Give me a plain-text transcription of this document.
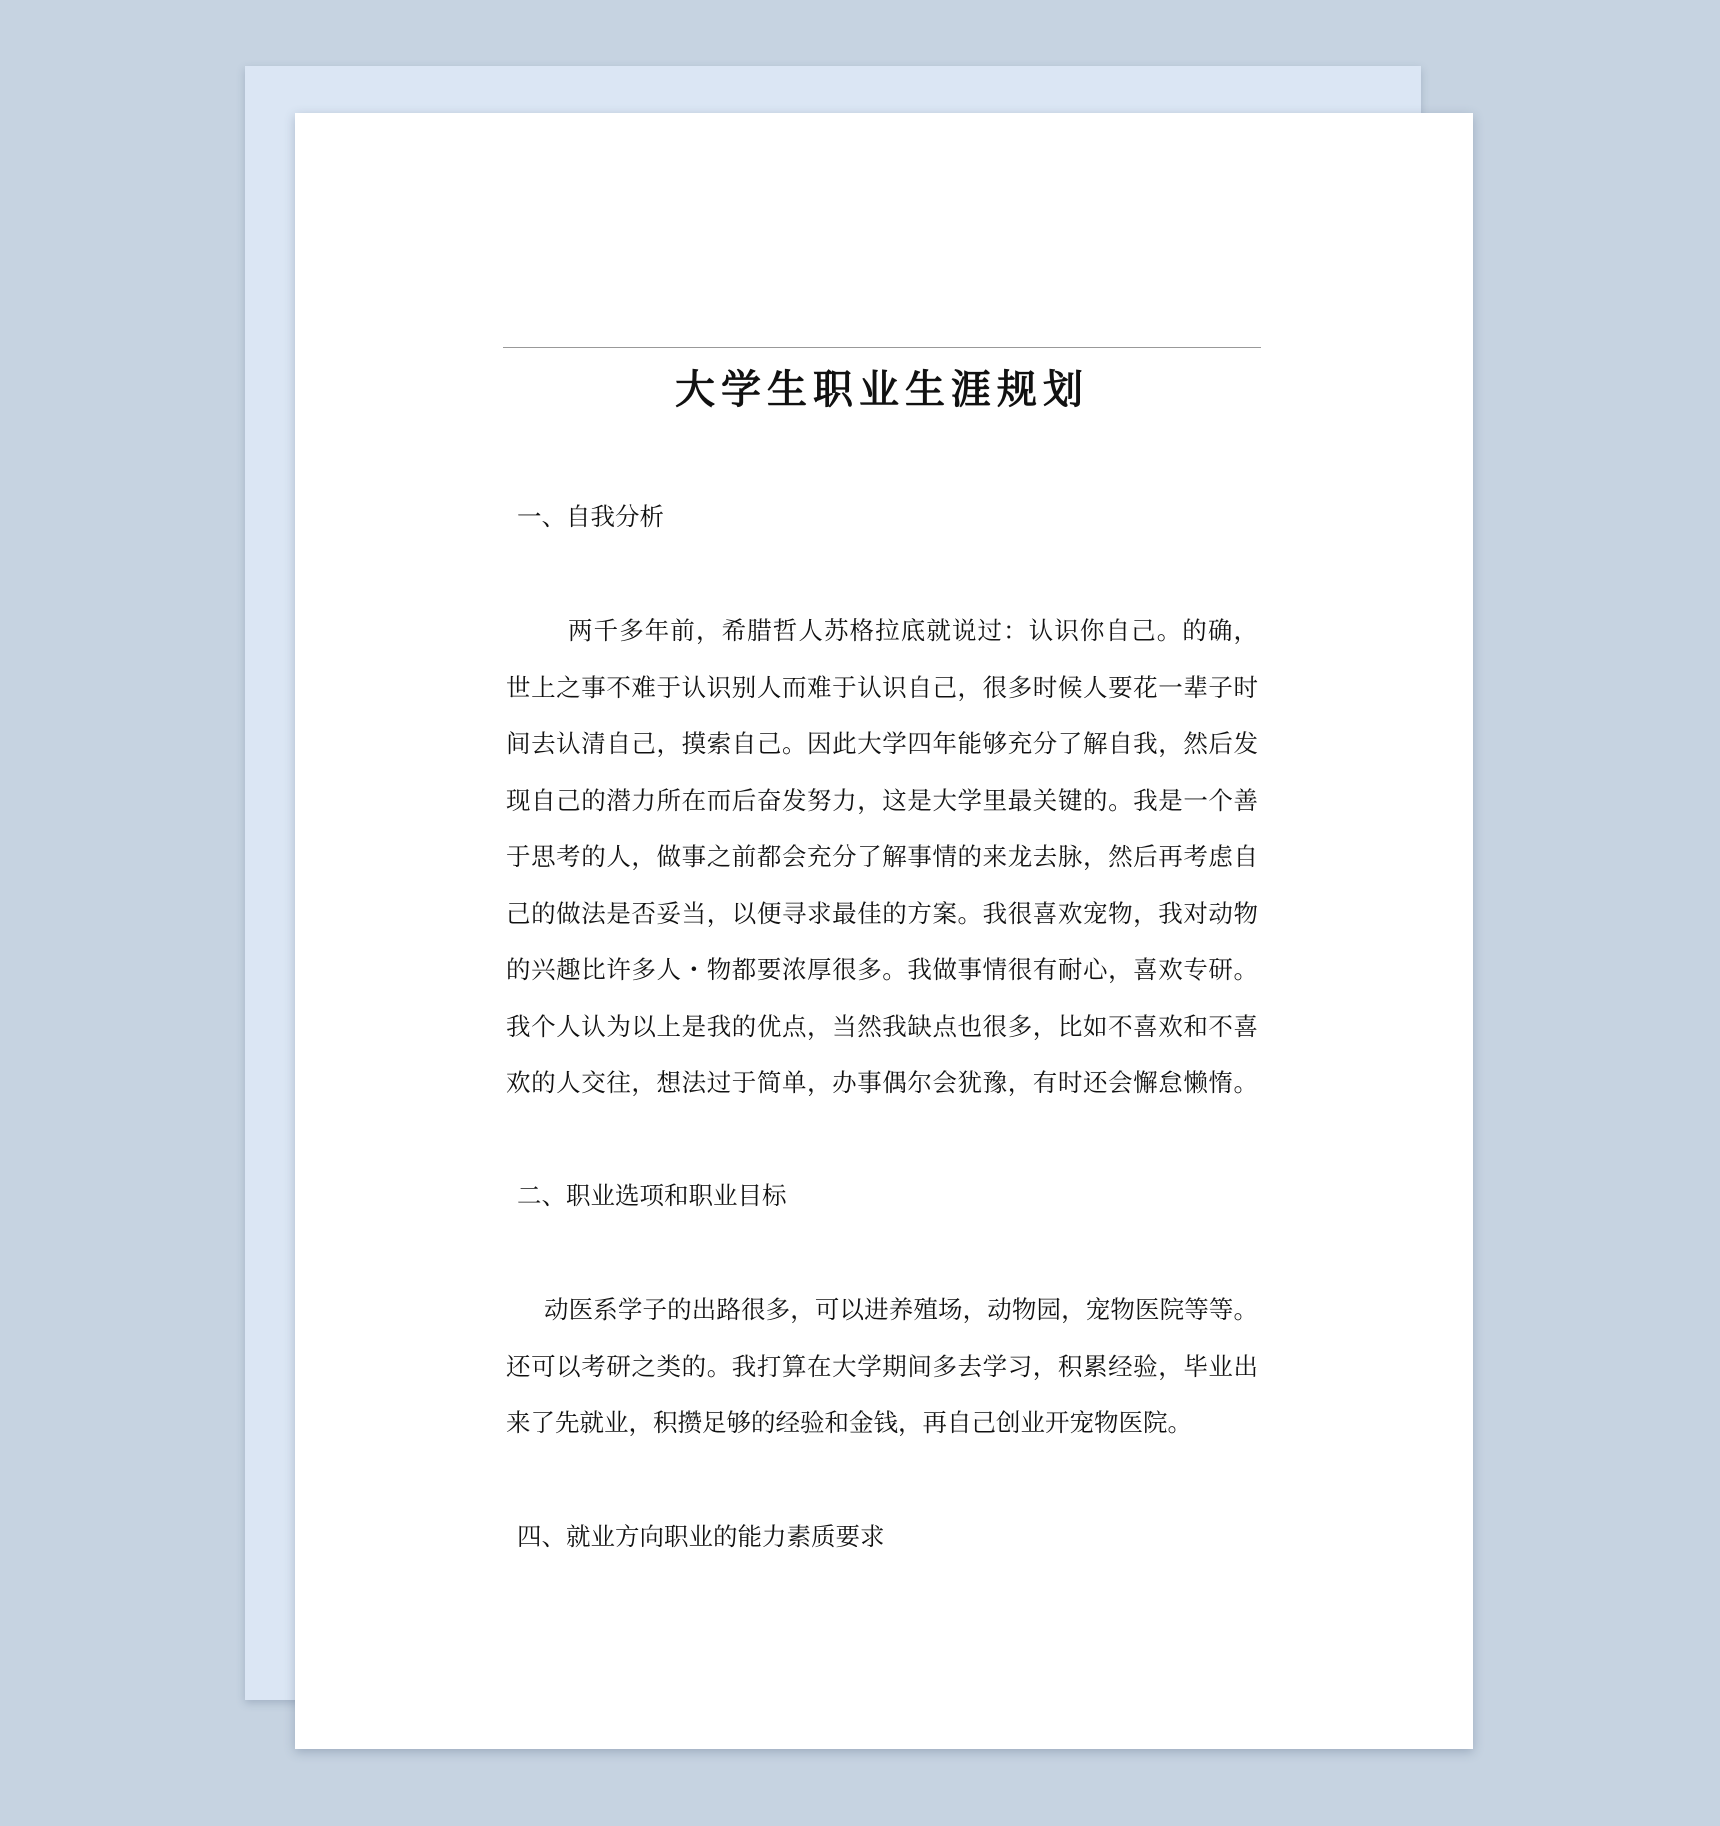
大学生职业生涯规划
一、自我分析
两千多年前，希腊哲人苏格拉底就说过：认识你自己。的确，
世上之事不难于认识别人而难于认识自己，很多时候人要花一辈子时
间去认清自己，摸索自己。因此大学四年能够充分了解自我，然后发
现自己的潜力所在而后奋发努力，这是大学里最关键的。我是一个善
于思考的人，做事之前都会充分了解事情的来龙去脉，然后再考虑自
己的做法是否妥当，以便寻求最佳的方案。我很喜欢宠物，我对动物
的兴趣比许多人・物都要浓厚很多。我做事情很有耐心，喜欢专研。
我个人认为以上是我的优点，当然我缺点也很多，比如不喜欢和不喜
欢的人交往，想法过于简单，办事偶尔会犹豫，有时还会懈怠懒惰。
二、职业选项和职业目标
动医系学子的出路很多，可以进养殖场，动物园，宠物医院等等。
还可以考研之类的。我打算在大学期间多去学习，积累经验，毕业出
来了先就业，积攒足够的经验和金钱，再自己创业开宠物医院。
四、就业方向职业的能力素质要求
